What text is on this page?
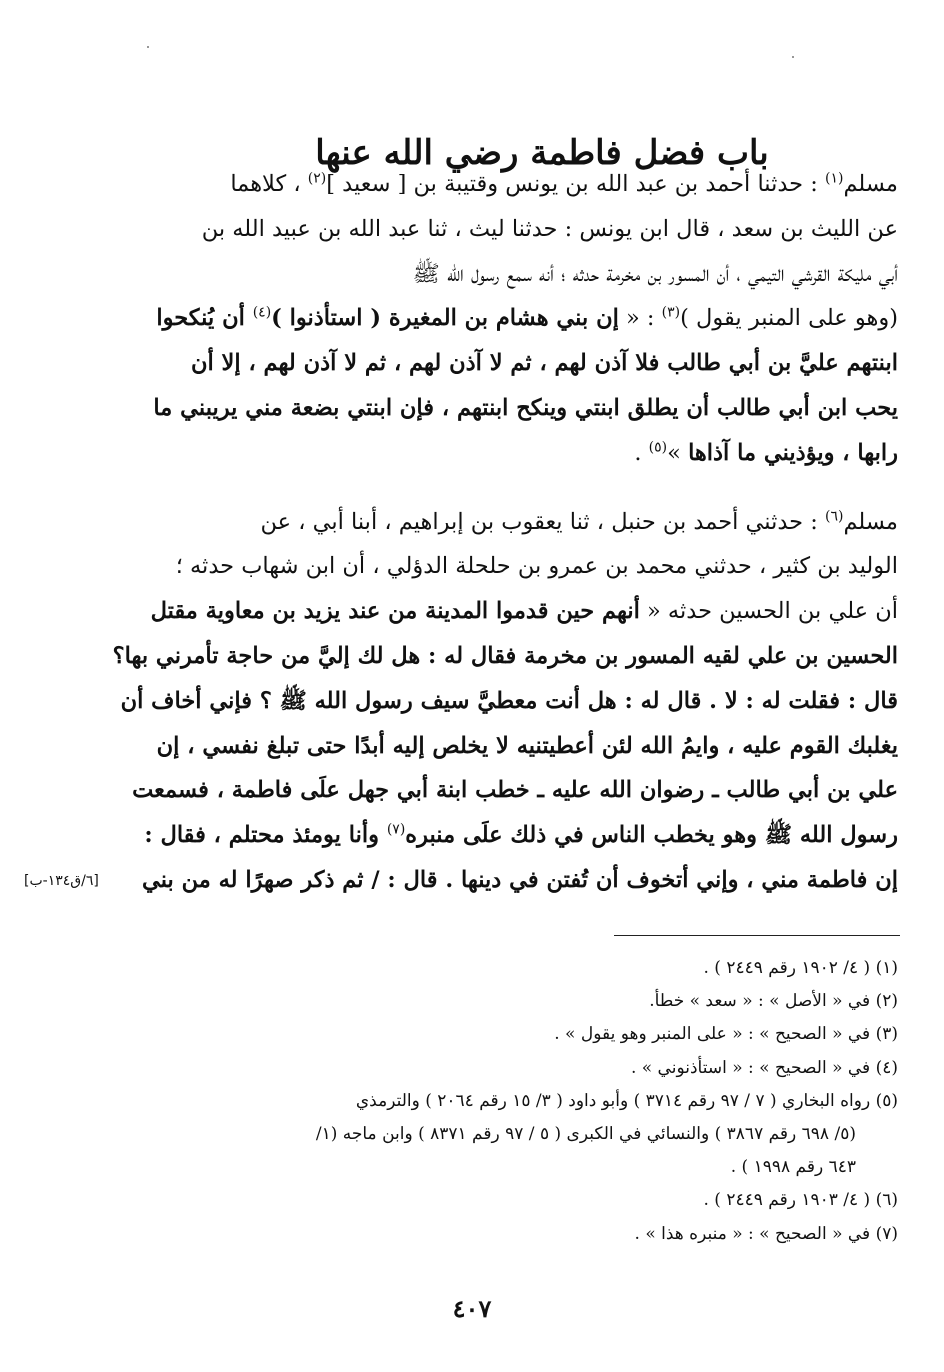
باب فضل فاطمة رضي الله عنها
مسلم$^{(١)}$ : حدثنا أحمد بن عبد الله بن يونس وقتيبة بن [ سعيد ]$^{(٢)}$ ، كلاهما
عن الليث بن سعد ، قال ابن يونس : حدثنا ليث ، ثنا عبد الله بن عبيد الله بن
أبي مليكة القرشي التيمي ، أن المسور بن مخرمة حدثه ؛ أنه سمع رسول الله ﷺ
(وهو على المنبر يقول )$^{(٣)}$ : « إن بني هشام بن المغيرة ( استأذنوا )$^{(٤)}$ أن يُنكحوا
ابنتهم عليَّ بن أبي طالب فلا آذن لهم ، ثم لا آذن لهم ، ثم لا آذن لهم ، إلا أن
يحب ابن أبي طالب أن يطلق ابنتي وينكح ابنتهم ، فإن ابنتي بضعة مني يريبني ما
رابها ، ويؤذيني ما آذاها »$^{(٥)}$ .
مسلم$^{(٦)}$ : حدثني أحمد بن حنبل ، ثنا يعقوب بن إبراهيم ، أبنا أبي ، عن
الوليد بن كثير ، حدثني محمد بن عمرو بن حلحلة الدؤلي ، أن ابن شهاب حدثه ؛
أن علي بن الحسين حدثه « أنهم حين قدموا المدينة من عند يزيد بن معاوية مقتل
الحسين بن علي لقيه المسور بن مخرمة فقال له : هل لك إليَّ من حاجة تأمرني بها؟
قال : فقلت له : لا . قال له : هل أنت معطيَّ سيف رسول الله ﷺ ؟ فإني أخاف أن
يغلبك القوم عليه ، وايمُ الله لئن أعطيتنيه لا يخلص إليه أبدًا حتى تبلغ نفسي ، إن
علي بن أبي طالب ـ رضوان الله عليه ـ خطب ابنة أبي جهل علَى فاطمة ، فسمعت
رسول الله ﷺ وهو يخطب الناس في ذلك علَى منبره$^{(٧)}$ وأنا يومئذ محتلم ، فقال :
إن فاطمة مني ، وإني أتخوف أن تُفتن في دينها . قال : / ثم ذكر صهرًا له من بني
[٦/ق١٣٤-ب]
(١) ( ٤/ ١٩٠٢ رقم ٢٤٤٩ ) .
(٢) في « الأصل » : « سعد » خطأ.
(٣) في « الصحيح » : « على المنبر وهو يقول » .
(٤) في « الصحيح » : « استأذنوني » .
(٥) رواه البخاري ( ٧ / ٩٧ رقم ٣٧١٤ ) وأبو داود ( ٣/ ١٥ رقم ٢٠٦٤ ) والترمذي
(٥/ ٦٩٨ رقم ٣٨٦٧ ) والنسائي في الكبرى ( ٥ / ٩٧ رقم ٨٣٧١ ) وابن ماجه (١/
٦٤٣ رقم ١٩٩٨ ) .
(٦) ( ٤/ ١٩٠٣ رقم ٢٤٤٩ ) .
(٧) في « الصحيح » : « منبره هذا » .
٤٠٧
